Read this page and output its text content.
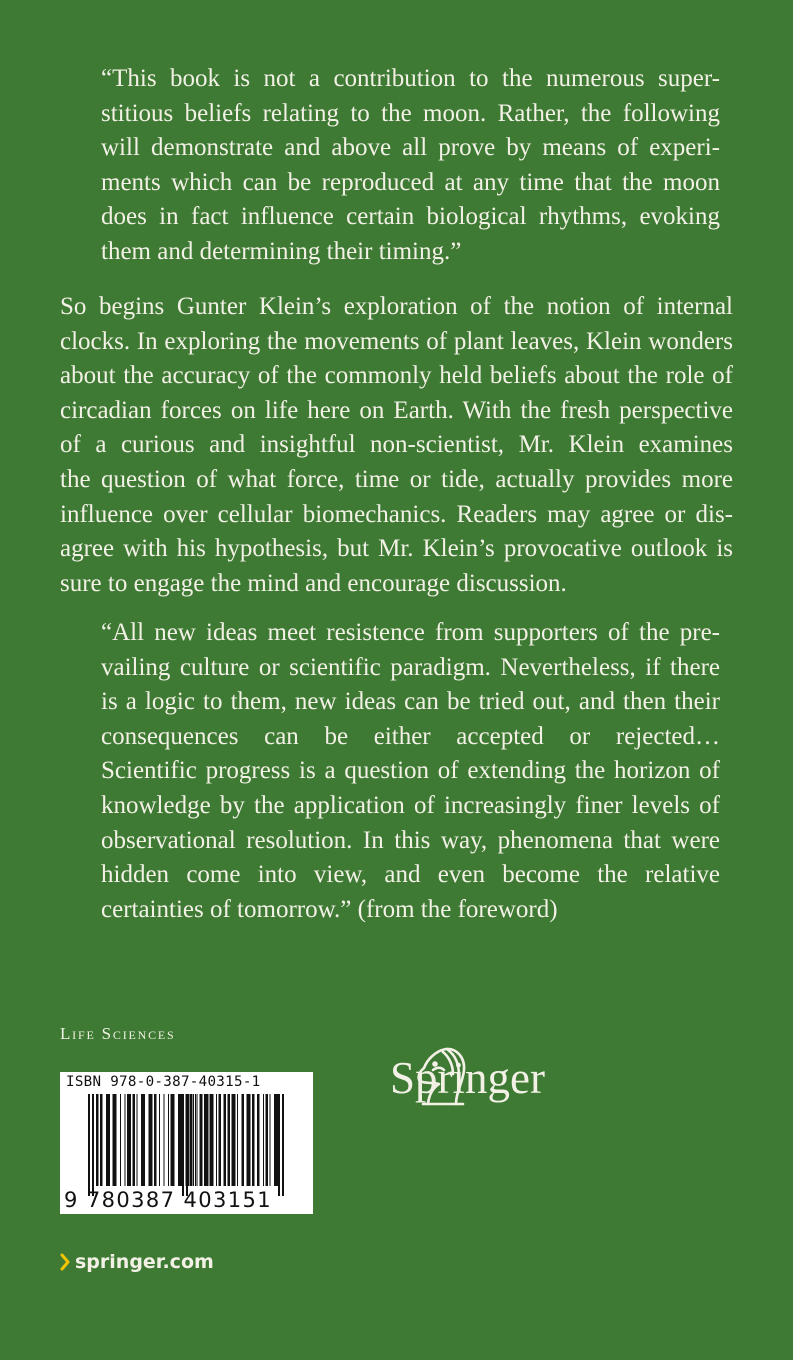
“This book is not a contribution to the numerous super-
stitious beliefs relating to the moon. Rather, the following
will demonstrate and above all prove by means of experi-
ments which can be reproduced at any time that the moon
does in fact influence certain biological rhythms, evoking
them and determining their timing.”
So begins Gunter Klein’s exploration of the notion of internal
clocks. In exploring the movements of plant leaves, Klein wonders
about the accuracy of the commonly held beliefs about the role of
circadian forces on life here on Earth. With the fresh perspective
of a curious and insightful non-scientist, Mr. Klein examines
the question of what force, time or tide, actually provides more
influence over cellular biomechanics. Readers may agree or dis-
agree with his hypothesis, but Mr. Klein’s provocative outlook is
sure to engage the mind and encourage discussion.
“All new ideas meet resistence from supporters of the pre-
vailing culture or scientific paradigm. Nevertheless, if there
is a logic to them, new ideas can be tried out, and then their
consequences can be either accepted or rejected…
Scientific progress is a question of extending the horizon of
knowledge by the application of increasingly finer levels of
observational resolution. In this way, phenomena that were
hidden come into view, and even become the relative
certainties of tomorrow.” (from the foreword)
Life Sciences
Springer
ISBN 978-0-387-40315-1
9 780387 403151
springer.com
